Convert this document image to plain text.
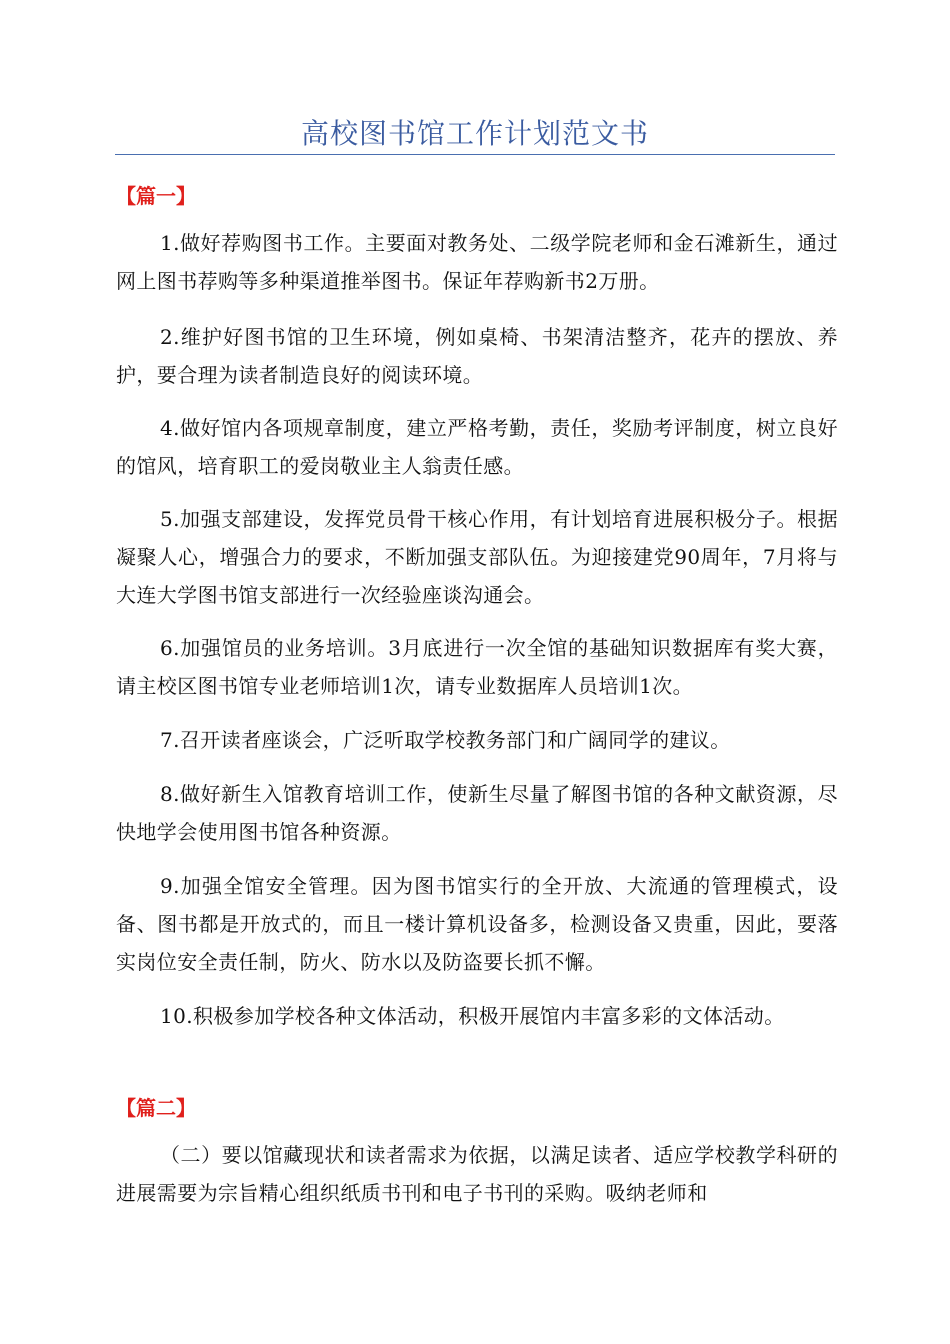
高校图书馆工作计划范文书
【篇一】
1.做好荐购图书工作。主要面对教务处、二级学院老师和金石滩新生，通过网上图书荐购等多种渠道推举图书。保证年荐购新书2万册。
2.维护好图书馆的卫生环境，例如桌椅、书架清洁整齐，花卉的摆放、养护，要合理为读者制造良好的阅读环境。
4.做好馆内各项规章制度，建立严格考勤，责任，奖励考评制度，树立良好的馆风，培育职工的爱岗敬业主人翁责任感。
5.加强支部建设，发挥党员骨干核心作用，有计划培育进展积极分子。根据凝聚人心，增强合力的要求，不断加强支部队伍。为迎接建党90周年，7月将与大连大学图书馆支部进行一次经验座谈沟通会。
6.加强馆员的业务培训。3月底进行一次全馆的基础知识数据库有奖大赛，请主校区图书馆专业老师培训1次，请专业数据库人员培训1次。
7.召开读者座谈会，广泛听取学校教务部门和广阔同学的建议。
8.做好新生入馆教育培训工作，使新生尽量了解图书馆的各种文献资源，尽快地学会使用图书馆各种资源。
9.加强全馆安全管理。因为图书馆实行的全开放、大流通的管理模式，设备、图书都是开放式的，而且一楼计算机设备多，检测设备又贵重，因此，要落实岗位安全责任制，防火、防水以及防盗要长抓不懈。
10.积极参加学校各种文体活动，积极开展馆内丰富多彩的文体活动。
【篇二】
（二）要以馆藏现状和读者需求为依据，以满足读者、适应学校教学科研的进展需要为宗旨精心组织纸质书刊和电子书刊的采购。吸纳老师和
